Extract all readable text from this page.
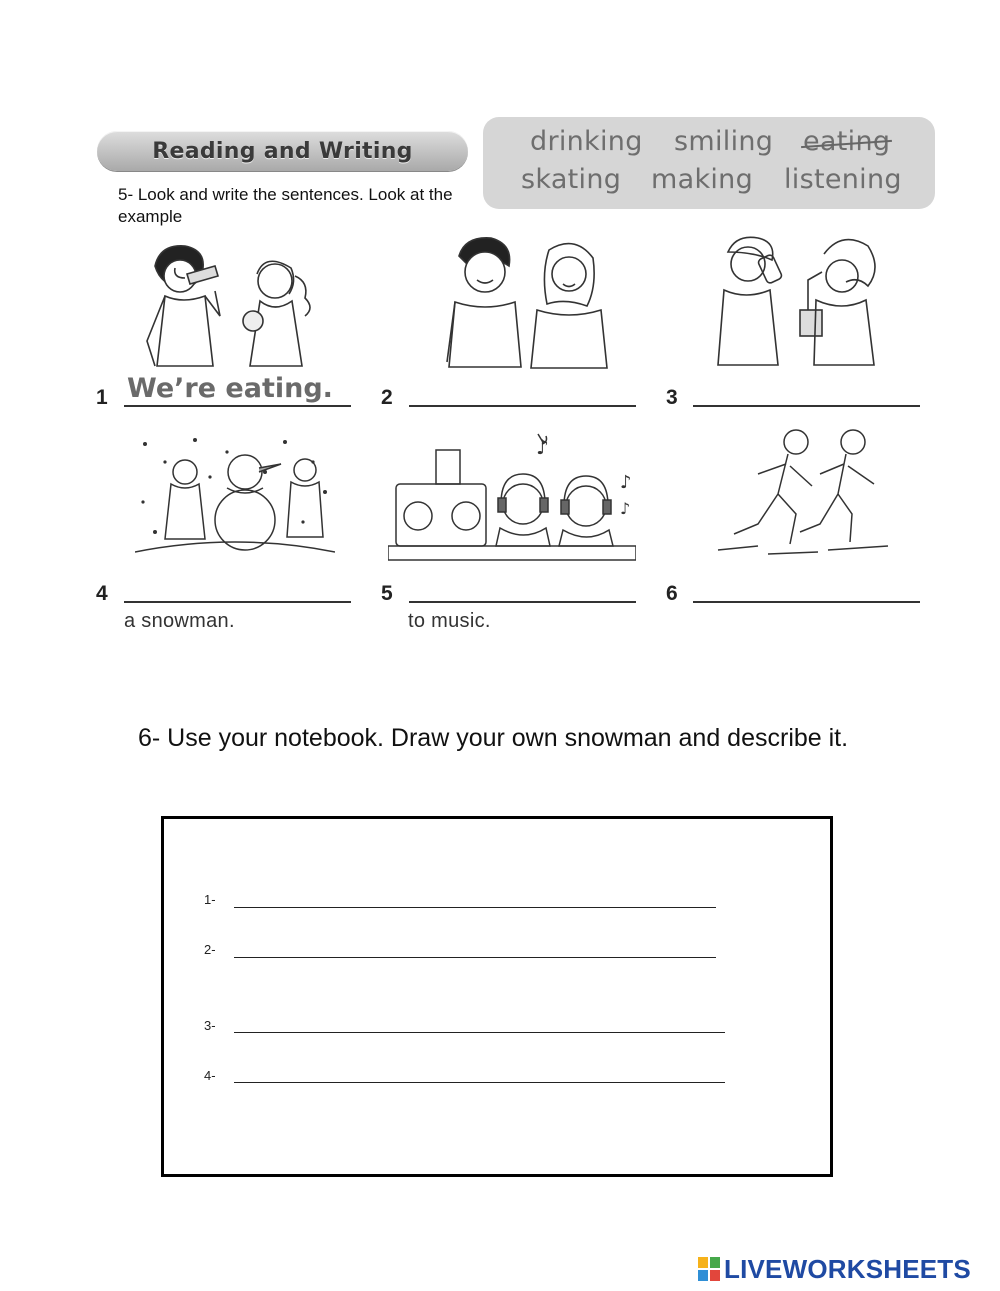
Reading and Writing	drinking smiling eating
skating making listening
5- Look and write the sentences. Look at the example
♪
♪
♪
1 We’re eating. 2	3
4
a snowman.
5
to music.
6
6- Use your notebook. Draw your own snowman and describe it.
1-
2-
3-
4-
LIVEWORKSHEETS
